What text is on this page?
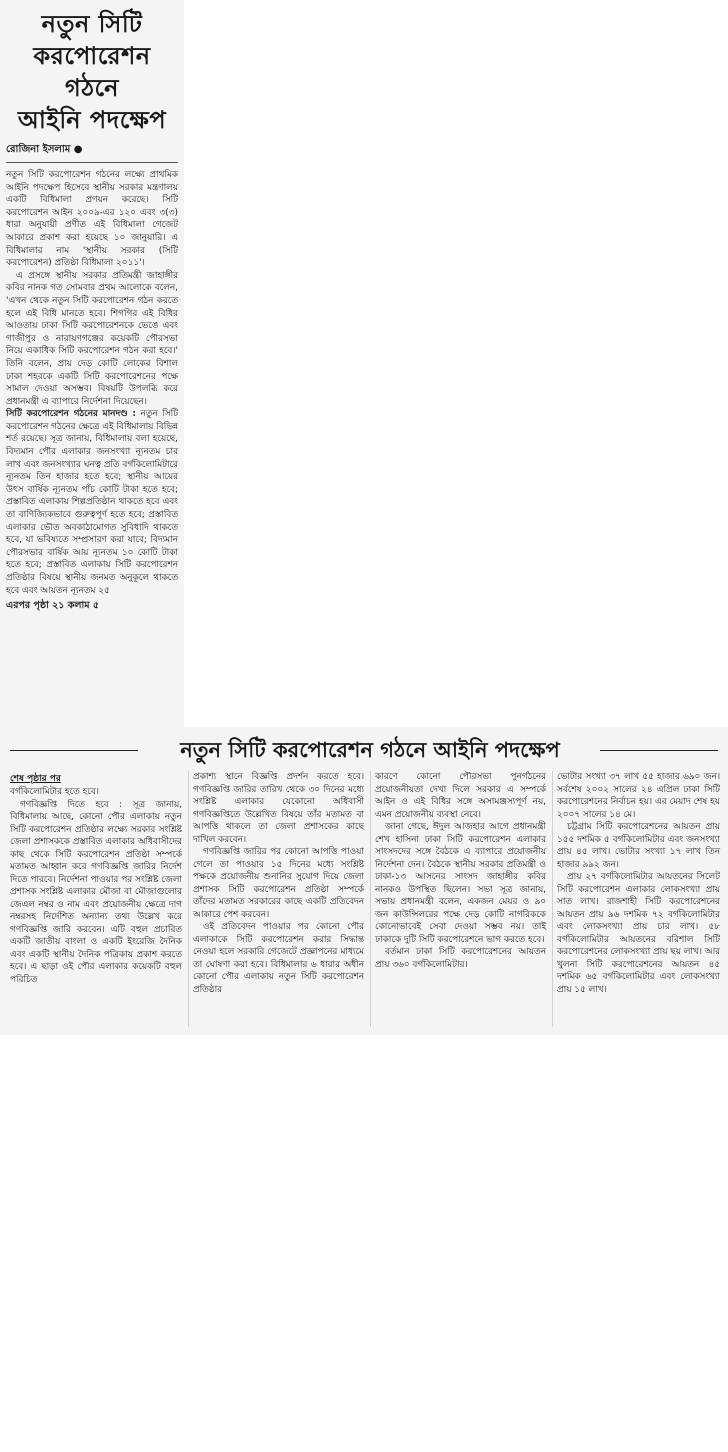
নতুন সিটি
করপোরেশন গঠনে
আইনি পদক্ষেপ
রোজিনা ইসলাম ●

নতুন সিটি করপোরেশন গঠনের লক্ষ্যে প্রাথমিক আইনি পদক্ষেপ হিসেবে স্থানীয় সরকার মন্ত্রণালয় একটি বিধিমালা প্রণয়ন করেছে। সিটি করপোরেশন আইন ২০০৯-এর ১২০ এবং ৩(৩) ধারা অনুযায়ী প্রণীত এই বিধিমালা গেজেট আকারে প্রকাশ করা হয়েছে ১০ জানুয়ারি। এ বিধিমালার নাম 'স্থানীয় সরকার (সিটি করপোরেশন) প্রতিষ্ঠা বিধিমালা ২০১১'।

এ প্রসঙ্গে স্থানীয় সরকার প্রতিমন্ত্রী জাহাঙ্গীর কবির নানক গত সোমবার প্রথম আলোকে বলেন, 'এখন থেকে নতুন সিটি করপোরেশন গঠন করতে হলে এই বিধি মানতে হবে। শিগগির এই বিধির আওতায় ঢাকা সিটি করপোরেশনকে ভেঙে এবং গাজীপুর ও নারায়ণগঞ্জের কয়েকটি পৌরসভা নিয়ে একাধিক সিটি করপোরেশন গঠন করা হবে।' তিনি বলেন, প্রায় দেড় কোটি লোকের বিশাল ঢাকা শহরকে একটি সিটি করপোরেশনের পক্ষে সামাল দেওয়া অসম্ভব। বিষয়টি উপলব্ধি করে প্রধানমন্ত্রী এ ব্যাপারে নির্দেশনা দিয়েছেন।

সিটি করপোরেশন গঠনের মানদণ্ড : নতুন সিটি করপোরেশন গঠনের ক্ষেত্রে এই বিধিমালায় বিভিন্ন শর্ত রয়েছে। সূত্র জানায়, বিধিমালায় বলা হয়েছে, বিদ্যমান পৌর এলাকার জনসংখ্যা ন্যূনতম চার লাখ এবং জনসংখ্যার ঘনত্ব প্রতি বর্গকিলোমিটারে ন্যূনতম তিন হাজার হতে হবে; স্থানীয় আয়ের উৎস বার্ষিক ন্যূনতম পাঁচ কোটি টাকা হতে হবে; প্রস্তাবিত এলাকায় শিল্পপ্রতিষ্ঠান থাকতে হবে এবং তা বাণিজ্যিকভাবে গুরুত্বপূর্ণ হতে হবে; প্রস্তাবিত এলাকার ভৌত অবকাঠামোগত সুবিধাদি থাকতে হবে, যা ভবিষ্যতে সম্প্রসারণ করা যাবে; বিদ্যমান পৌরসভার বার্ষিক আয় ন্যূনতম ১০ কোটি টাকা হতে হবে; প্রস্তাবিত এলাকায় সিটি করপোরেশন প্রতিষ্ঠার বিষয়ে স্থানীয় জনমত অনুকূলে থাকতে হবে এবং আয়তন ন্যূনতম ২৫

এরপর পৃষ্ঠা ২১ কলাম ৫
নতুন সিটি করপোরেশন গঠনে আইনি পদক্ষেপ
শেষ পৃষ্ঠার পর

বর্গকিলোমিটার হতে হবে।

গণবিজ্ঞপ্তি দিতে হবে : সূত্র জানায়, বিধিমালায় আছে, কোনো পৌর এলাকায় নতুন সিটি করপোরেশন প্রতিষ্ঠার লক্ষ্যে সরকার সংশ্লিষ্ট জেলা প্রশাসককে প্রস্তাবিত এলাকার অধিবাসীদের কাছ থেকে সিটি করপোরেশন প্রতিষ্ঠা সম্পর্কে মতামত আহ্বান করে গণবিজ্ঞপ্তি জারির নির্দেশ দিতে পারবে। নির্দেশনা পাওয়ার পর সংশ্লিষ্ট জেলা প্রশাসক সংশ্লিষ্ট এলাকার মৌজা বা মৌজাগুলোর জেএল নম্বর ও নাম এবং প্রয়োজনীয় ক্ষেত্রে দাগ নম্বরসহ নির্দেশিত অন্যান্য তথ্য উল্লেখ করে গণবিজ্ঞপ্তি জারি করবেন। এটি বহুল প্রচারিত একটি জাতীয় বাংলা ও একটি ইংরেজি দৈনিক এবং একটি স্থানীয় দৈনিক পত্রিকায় প্রকাশ করতে হবে। এ ছাড়া ওই পৌর এলাকার কয়েকটি বহুল পরিচিত

প্রকাশ্য স্থানে বিজ্ঞপ্তি প্রদর্শন করতে হবে। গণবিজ্ঞপ্তি জারির তারিখ থেকে ৩০ দিনের মধ্যে সংশ্লিষ্ট এলাকার যেকোনো অধিবাসী গণবিজ্ঞপ্তিতে উল্লেখিত বিষয়ে তাঁর মতামত বা আপত্তি থাকলে তা জেলা প্রশাসকের কাছে দাখিল করবেন।

গণবিজ্ঞপ্তি জারির পর কোনো আপত্তি পাওয়া গেলে তা পাওয়ার ১৫ দিনের মধ্যে সংশ্লিষ্ট পক্ষকে প্রয়োজনীয় শুনানির সুযোগ দিয়ে জেলা প্রশাসক সিটি করপোরেশন প্রতিষ্ঠা সম্পর্কে তাঁদের মতামত সরকারের কাছে একটি প্রতিবেদন আকারে পেশ করবেন।

ওই প্রতিবেদন পাওয়ার পর কোনো পৌর এলাকাকে সিটি করপোরেশন করার সিদ্ধান্ত নেওয়া হলে সরকারি গেজেটে প্রজ্ঞাপনের মাধ্যমে তা ঘোষণা করা হবে। বিধিমালার ৬ ধারার অধীন কোনো পৌর এলাকায় নতুন সিটি করপোরেশন প্রতিষ্ঠার

কারণে কোনো পৌরসভা পুনর্গঠনের প্রয়োজনীয়তা দেখা দিলে সরকার এ সম্পর্কে আইন ও এই বিধির সঙ্গে অসামঞ্জস্যপূর্ণ নয়, এমন প্রয়োজনীয় ব্যবস্থা নেবে।

জানা গেছে, ঈদুল আজহার আগে প্রধানমন্ত্রী শেখ হাসিনা ঢাকা সিটি করপোরেশন এলাকার সাংসদদের সঙ্গে বৈঠকে এ ব্যাপারে প্রয়োজনীয় নির্দেশনা দেন। বৈঠকে স্থানীয় সরকার প্রতিমন্ত্রী ও ঢাকা-১৩ আসনের সাংসদ জাহাঙ্গীর কবির নানকও উপস্থিত ছিলেন। সভা সূত্র জানায়, সভায় প্রধানমন্ত্রী বলেন, একজন মেয়র ও ৯০ জন কাউন্সিলরের পক্ষে দেড় কোটি নাগরিককে কোনোভাবেই সেবা দেওয়া সম্ভব নয়। তাই ঢাকাকে দুটি সিটি করপোরেশনে ভাগ করতে হবে।

বর্তমান ঢাকা সিটি করপোরেশনের আয়তন প্রায় ৩৬০ বর্গকিলোমিটার।

ভোটার সংখ্যা ৩৭ লাখ ৫৫ হাজার ৬৯০ জন। সর্বশেষ ২০০২ সালের ২৪ এপ্রিল ঢাকা সিটি করপোরেশনের নির্বাচন হয়। এর মেয়াদ শেষ হয় ২০০৭ সালের ১৪ মে।

চট্টগ্রাম সিটি করপোরেশনের আয়তন প্রায় ১৫৫ দশমিক ৫ বর্গকিলোমিটার এবং জনসংখ্যা প্রায় ৪৫ লাখ। ভোটার সংখ্যা ১৭ লাখ তিন হাজার ৯৯২ জন।

প্রায় ২৭ বর্গকিলোমিটার আয়তনের সিলেট সিটি করপোরেশন এলাকার লোকসংখ্যা প্রায় সাত লাখ। রাজশাহী সিটি করপোরেশনের আয়তন প্রায় ৯৬ দশমিক ৭২ বর্গকিলোমিটার এবং লোকসংখ্যা প্রায় চার লাখ। ৫৮ বর্গকিলোমিটার আয়তনের বরিশাল সিটি করপোরেশনের লোকসংখ্যা প্রায় ছয় লাখ। আর খুলনা সিটি করপোরেশনের আয়তন ৪৫ দশমিক ৬৫ বর্গকিলোমিটার এবং লোকসংখ্যা প্রায় ১৫ লাখ।
